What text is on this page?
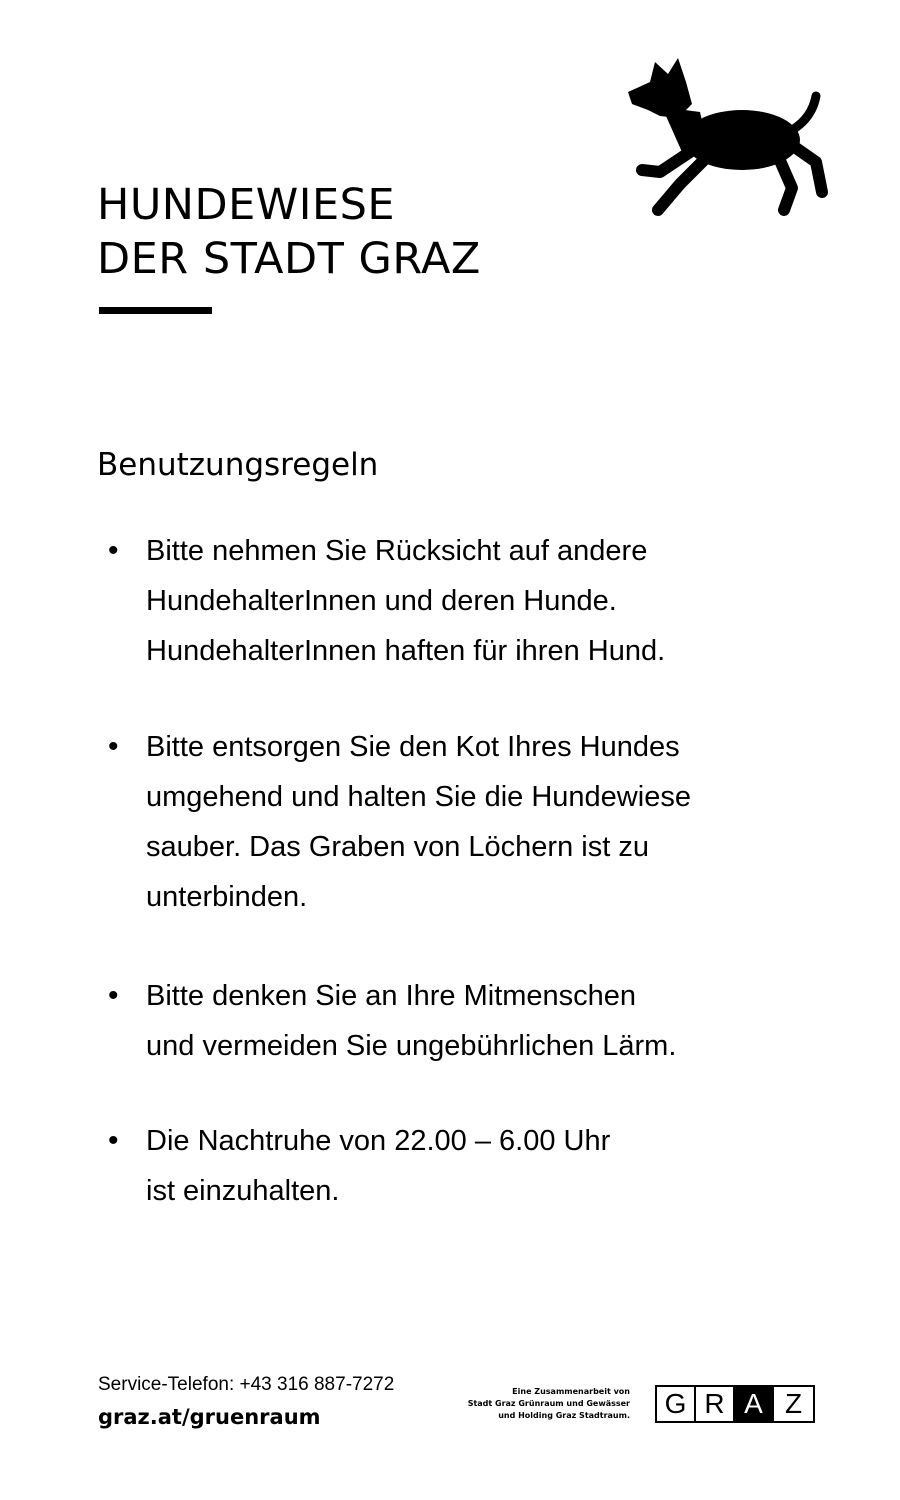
HUNDEWIESE
DER STADT GRAZ
Benutzungsregeln
• Bitte nehmen Sie Rücksicht auf andere
HundehalterInnen und deren Hunde.
HundehalterInnen haften für ihren Hund.
• Bitte entsorgen Sie den Kot Ihres Hundes
umgehend und halten Sie die Hundewiese
sauber. Das Graben von Löchern ist zu
unterbinden.
• Bitte denken Sie an Ihre Mitmenschen
und vermeiden Sie ungebührlichen Lärm.
• Die Nachtruhe von 22.00 – 6.00 Uhr
ist einzuhalten.
Service-Telefon: +43 316 887-7272
graz.at/gruenraum
Eine Zusammenarbeit von
Stadt Graz Grünraum und Gewässer
und Holding Graz Stadtraum. G R A Z
